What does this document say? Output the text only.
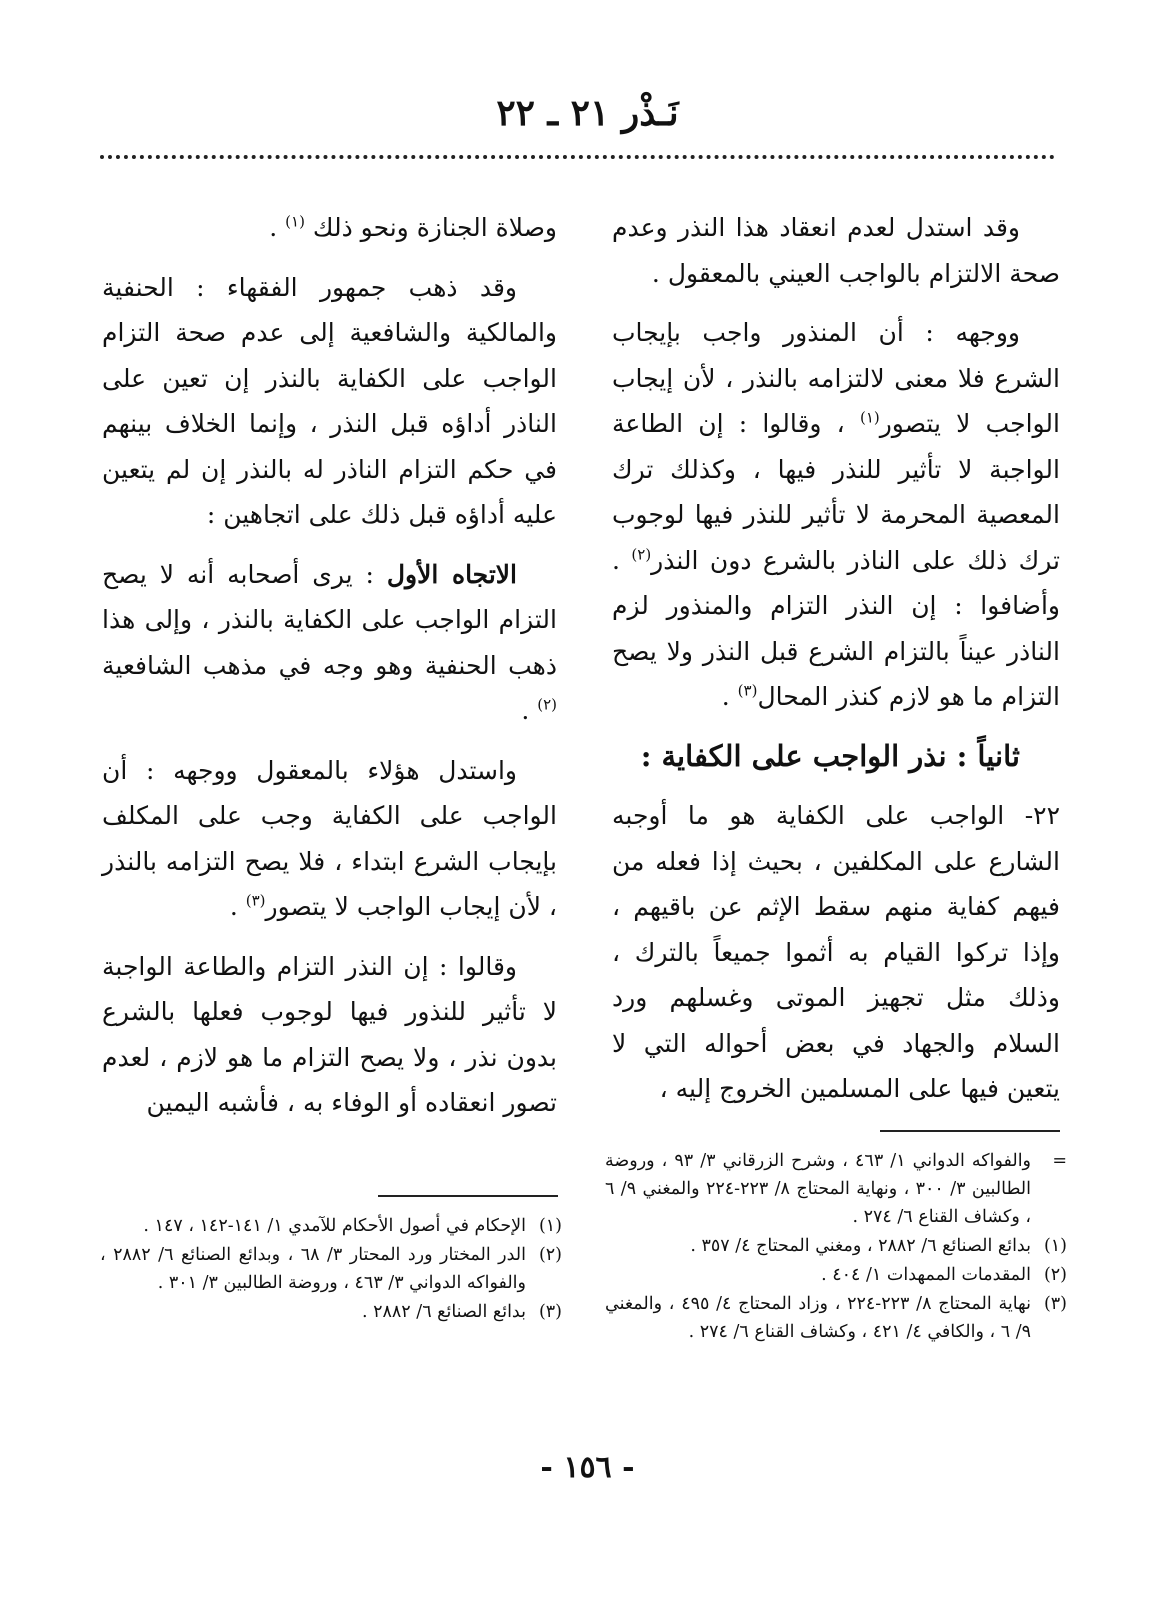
نَـذْر ٢١ ـ ٢٢

وقد استدل لعدم انعقاد هذا النذر وعدم صحة الالتزام بالواجب العيني بالمعقول .

ووجهه : أن المنذور واجب بإيجاب الشرع فلا معنى لالتزامه بالنذر ، لأن إيجاب الواجب لا يتصور$^{(١)}$ ، وقالوا : إن الطاعة الواجبة لا تأثير للنذر فيها ، وكذلك ترك المعصية المحرمة لا تأثير للنذر فيها لوجوب ترك ذلك على الناذر بالشرع دون النذر$^{(٢)}$ . وأضافوا : إن النذر التزام والمنذور لزم الناذر عيناً بالتزام الشرع قبل النذر ولا يصح التزام ما هو لازم كنذر المحال$^{(٣)}$ .

ثانياً : نذر الواجب على الكفاية :

٢٢- الواجب على الكفاية هو ما أوجبه الشارع على المكلفين ، بحيث إذا فعله من فيهم كفاية منهم سقط الإثم عن باقيهم ، وإذا تركوا القيام به أثموا جميعاً بالترك ، وذلك مثل تجهيز الموتى وغسلهم ورد السلام والجهاد في بعض أحواله التي لا يتعين فيها على المسلمين الخروج إليه ،

وصلاة الجنازة ونحو ذلك $^{(١)}$ .

وقد ذهب جمهور الفقهاء : الحنفية والمالكية والشافعية إلى عدم صحة التزام الواجب على الكفاية بالنذر إن تعين على الناذر أداؤه قبل النذر ، وإنما الخلاف بينهم في حكم التزام الناذر له بالنذر إن لم يتعين عليه أداؤه قبل ذلك على اتجاهين :

الاتجاه الأول : يرى أصحابه أنه لا يصح التزام الواجب على الكفاية بالنذر ، وإلى هذا ذهب الحنفية وهو وجه في مذهب الشافعية $^{(٢)}$ .

واستدل هؤلاء بالمعقول ووجهه : أن الواجب على الكفاية وجب على المكلف بإيجاب الشرع ابتداء ، فلا يصح التزامه بالنذر ، لأن إيجاب الواجب لا يتصور$^{(٣)}$ .

وقالوا : إن النذر التزام والطاعة الواجبة لا تأثير للنذور فيها لوجوب فعلها بالشرع بدون نذر ، ولا يصح التزام ما هو لازم ، لعدم تصور انعقاده أو الوفاء به ، فأشبه اليمين

=
والفواكه الدواني ١/ ٤٦٣ ، وشرح الزرقاني ٣/ ٩٣ ، وروضة الطالبين ٣/ ٣٠٠ ، ونهاية المحتاج ٨/ ٢٢٣-٢٢٤ والمغني ٩/ ٦ ، وكشاف القناع ٦/ ٢٧٤ .
(١)
بدائع الصنائع ٦/ ٢٨٨٢ ، ومغني المحتاج ٤/ ٣٥٧ .
(٢)
المقدمات الممهدات ١/ ٤٠٤ .
(٣)
نهاية المحتاج ٨/ ٢٢٣-٢٢٤ ، وزاد المحتاج ٤/ ٤٩٥ ، والمغني ٩/ ٦ ، والكافي ٤/ ٤٢١ ، وكشاف القناع ٦/ ٢٧٤ .
(١)
الإحكام في أصول الأحكام للآمدي ١/ ١٤١-١٤٢ ، ١٤٧ .
(٢)
الدر المختار ورد المحتار ٣/ ٦٨ ، وبدائع الصنائع ٦/ ٢٨٨٢ ، والفواكه الدواني ٣/ ٤٦٣ ، وروضة الطالبين ٣/ ٣٠١ .
(٣)
بدائع الصنائع ٦/ ٢٨٨٢ .
- ١٥٦ -
